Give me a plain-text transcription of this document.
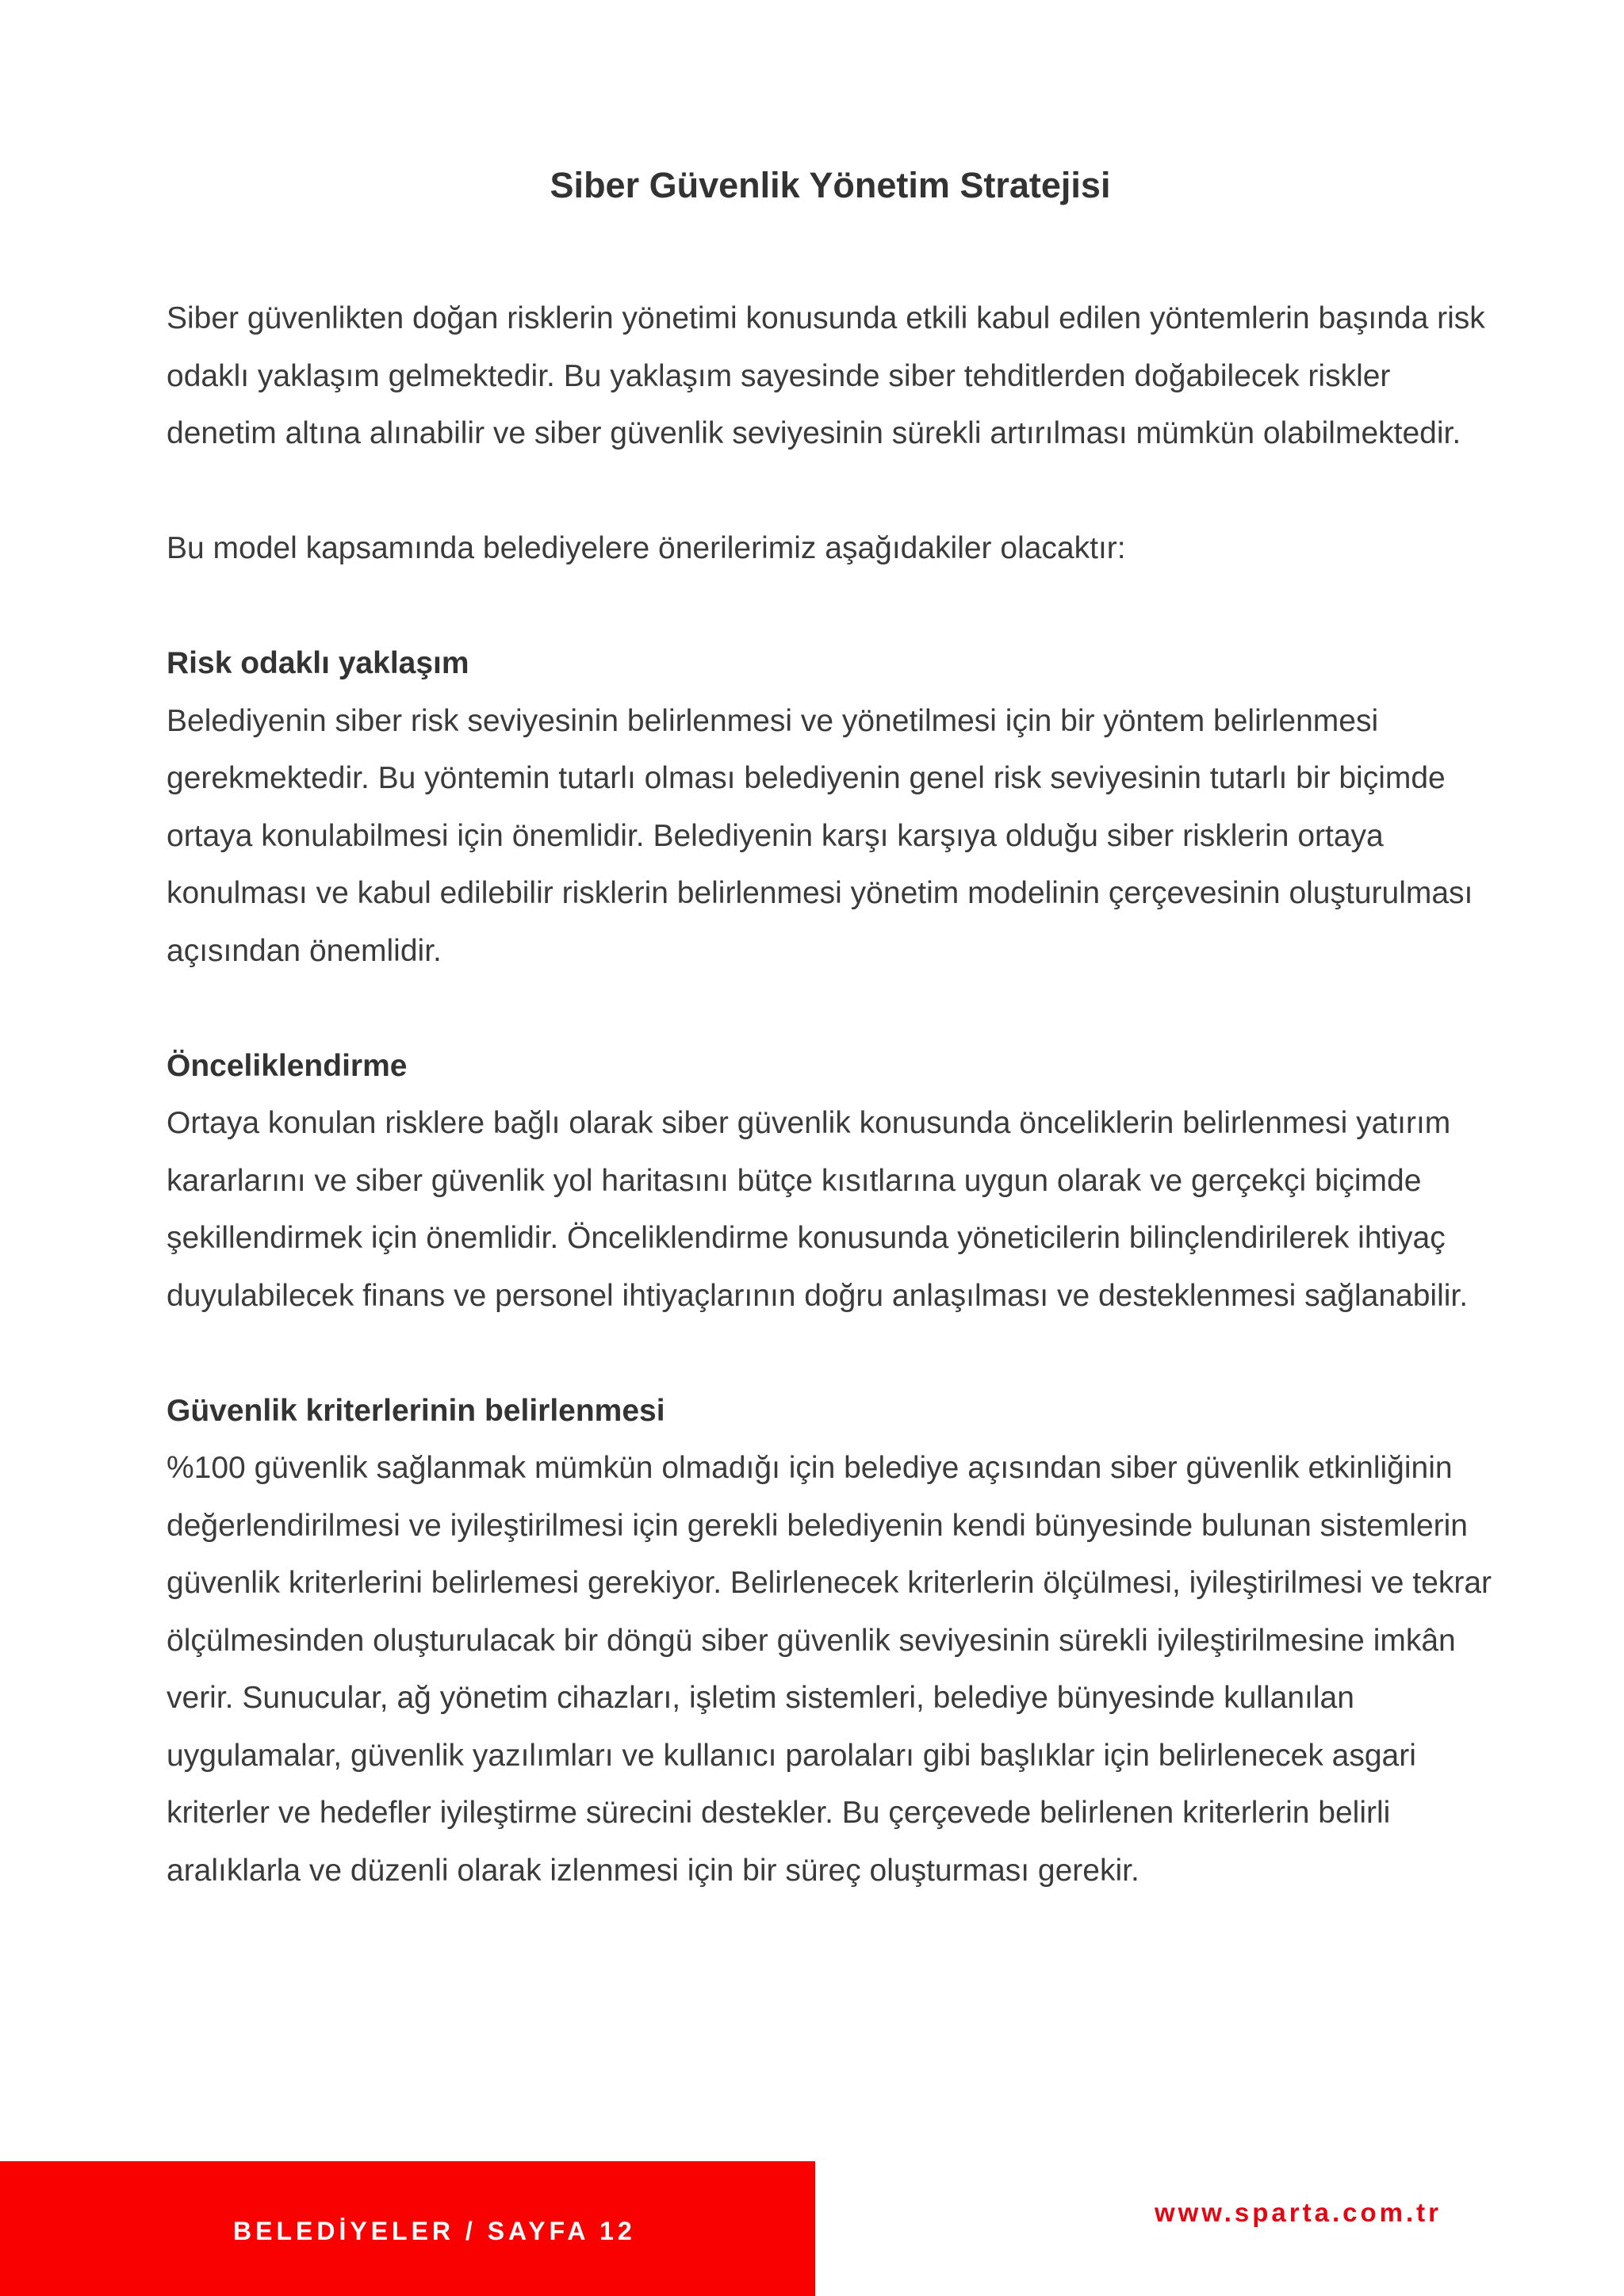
Siber Güvenlik Yönetim Stratejisi

Siber güvenlikten doğan risklerin yönetimi konusunda etkili kabul edilen yöntemlerin başında risk odaklı yaklaşım gelmektedir. Bu yaklaşım sayesinde siber tehditlerden doğabilecek riskler denetim altına alınabilir ve siber güvenlik seviyesinin sürekli artırılması mümkün olabilmektedir.

Bu model kapsamında belediyelere önerilerimiz aşağıdakiler olacaktır:

Risk odaklı yaklaşım

Belediyenin siber risk seviyesinin belirlenmesi ve yönetilmesi için bir yöntem belirlenmesi gerekmektedir. Bu yöntemin tutarlı olması belediyenin genel risk seviyesinin tutarlı bir biçimde ortaya konulabilmesi için önemlidir. Belediyenin karşı karşıya olduğu siber risklerin ortaya konulması ve kabul edilebilir risklerin belirlenmesi yönetim modelinin çerçevesinin oluşturulması açısından önemlidir.

Önceliklendirme

Ortaya konulan risklere bağlı olarak siber güvenlik konusunda önceliklerin belirlenmesi yatırım kararlarını ve siber güvenlik yol haritasını bütçe kısıtlarına uygun olarak ve gerçekçi biçimde şekillendirmek için önemlidir. Önceliklendirme konusunda yöneticilerin bilinçlendirilerek ihtiyaç duyulabilecek finans ve personel ihtiyaçlarının doğru anlaşılması ve desteklenmesi sağlanabilir.

Güvenlik kriterlerinin belirlenmesi

%100 güvenlik sağlanmak mümkün olmadığı için belediye açısından siber güvenlik etkinliğinin değerlendirilmesi ve iyileştirilmesi için gerekli belediyenin kendi bünyesinde bulunan sistemlerin güvenlik kriterlerini belirlemesi gerekiyor. Belirlenecek kriterlerin ölçülmesi, iyileştirilmesi ve tekrar ölçülmesinden oluşturulacak bir döngü siber güvenlik seviyesinin sürekli iyileştirilmesine imkân verir. Sunucular, ağ yönetim cihazları, işletim sistemleri, belediye bünyesinde kullanılan uygulamalar, güvenlik yazılımları ve kullanıcı parolaları gibi başlıklar için belirlenecek asgari kriterler ve hedefler iyileştirme sürecini destekler. Bu çerçevede belirlenen kriterlerin belirli aralıklarla ve düzenli olarak izlenmesi için bir süreç oluşturması gerekir.

BELEDİYELER / SAYFA 12
www.sparta.com.tr
